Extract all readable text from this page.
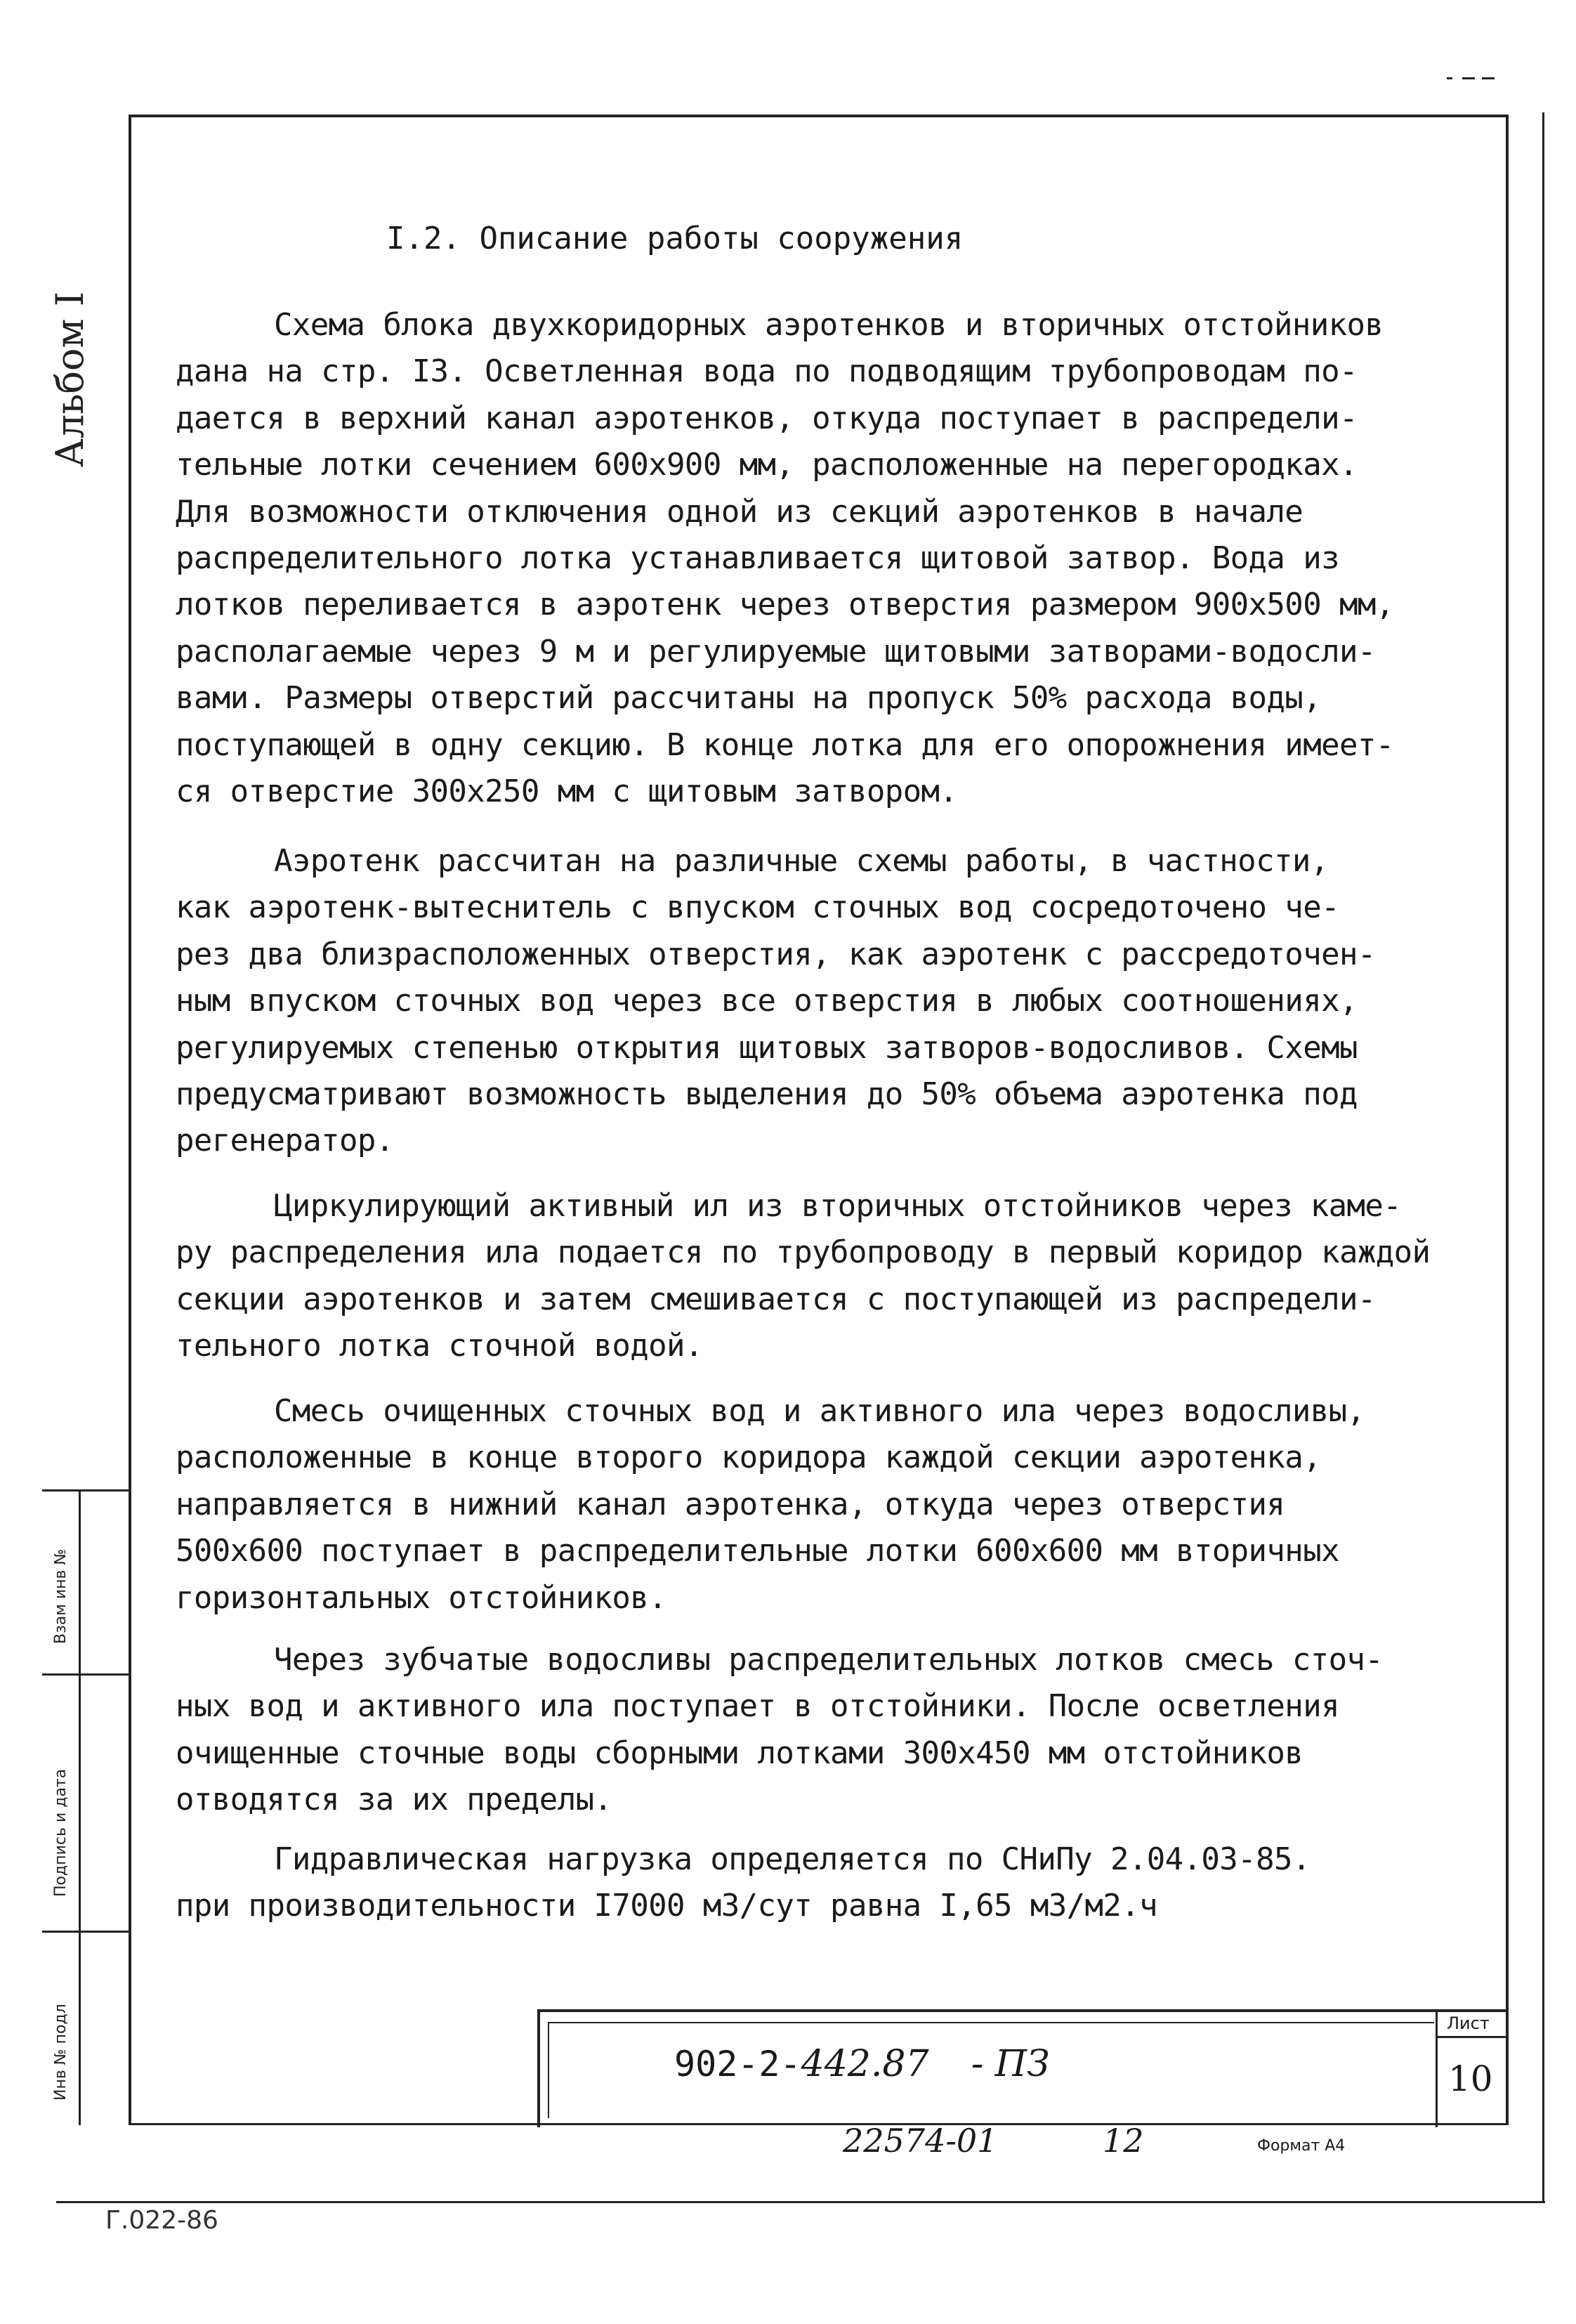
Альбом I
I.2. Описание работы сооружения
Схема блока двухкоридорных аэротенков и вторичных отстойников
дана на стр. I3. Осветленная вода по подводящим трубопроводам по-
дается в верхний канал аэротенков, откуда поступает в распредели-
тельные лотки сечением 600х900 мм, расположенные на перегородках.
Для возможности отключения одной из секций аэротенков в начале
распределительного лотка устанавливается щитовой затвор. Вода из
лотков переливается в аэротенк через отверстия размером 900х500 мм,
располагаемые через 9 м и регулируемые щитовыми затворами-водосли-
вами. Размеры отверстий рассчитаны на пропуск 50% расхода воды,
поступающей в одну секцию. В конце лотка для его опорожнения имеет-
ся отверстие 300х250 мм с щитовым затвором.
Аэротенк рассчитан на различные схемы работы, в частности,
как аэротенк-вытеснитель с впуском сточных вод сосредоточено че-
рез два близрасположенных отверстия, как аэротенк с рассредоточен-
ным впуском сточных вод через все отверстия в любых соотношениях,
регулируемых степенью открытия щитовых затворов-водосливов. Схемы
предусматривают возможность выделения до 50% объема аэротенка под
регенератор.
Циркулирующий активный ил из вторичных отстойников через каме-
ру распределения ила подается по трубопроводу в первый коридор каждой
секции аэротенков и затем смешивается с поступающей из распредели-
тельного лотка сточной водой.
Смесь очищенных сточных вод и активного ила через водосливы,
расположенные в конце второго коридора каждой секции аэротенка,
направляется в нижний канал аэротенка, откуда через отверстия
500х600 поступает в распределительные лотки 600х600 мм вторичных
горизонтальных отстойников.
Через зубчатые водосливы распределительных лотков смесь сточ-
ных вод и активного ила поступает в отстойники. После осветления
очищенные сточные воды сборными лотками 300х450 мм отстойников
отводятся за их пределы.
Гидравлическая нагрузка определяется по СНиПу 2.04.03-85.
при производительности I7000 м3/сут равна I,65 м3/м2.ч
Взам инв №
Подпись и дата
Инв № подл	902-2-442.87 - ПЗ
Лист
10
22574-01	12	Формат А4
Г.022-86
